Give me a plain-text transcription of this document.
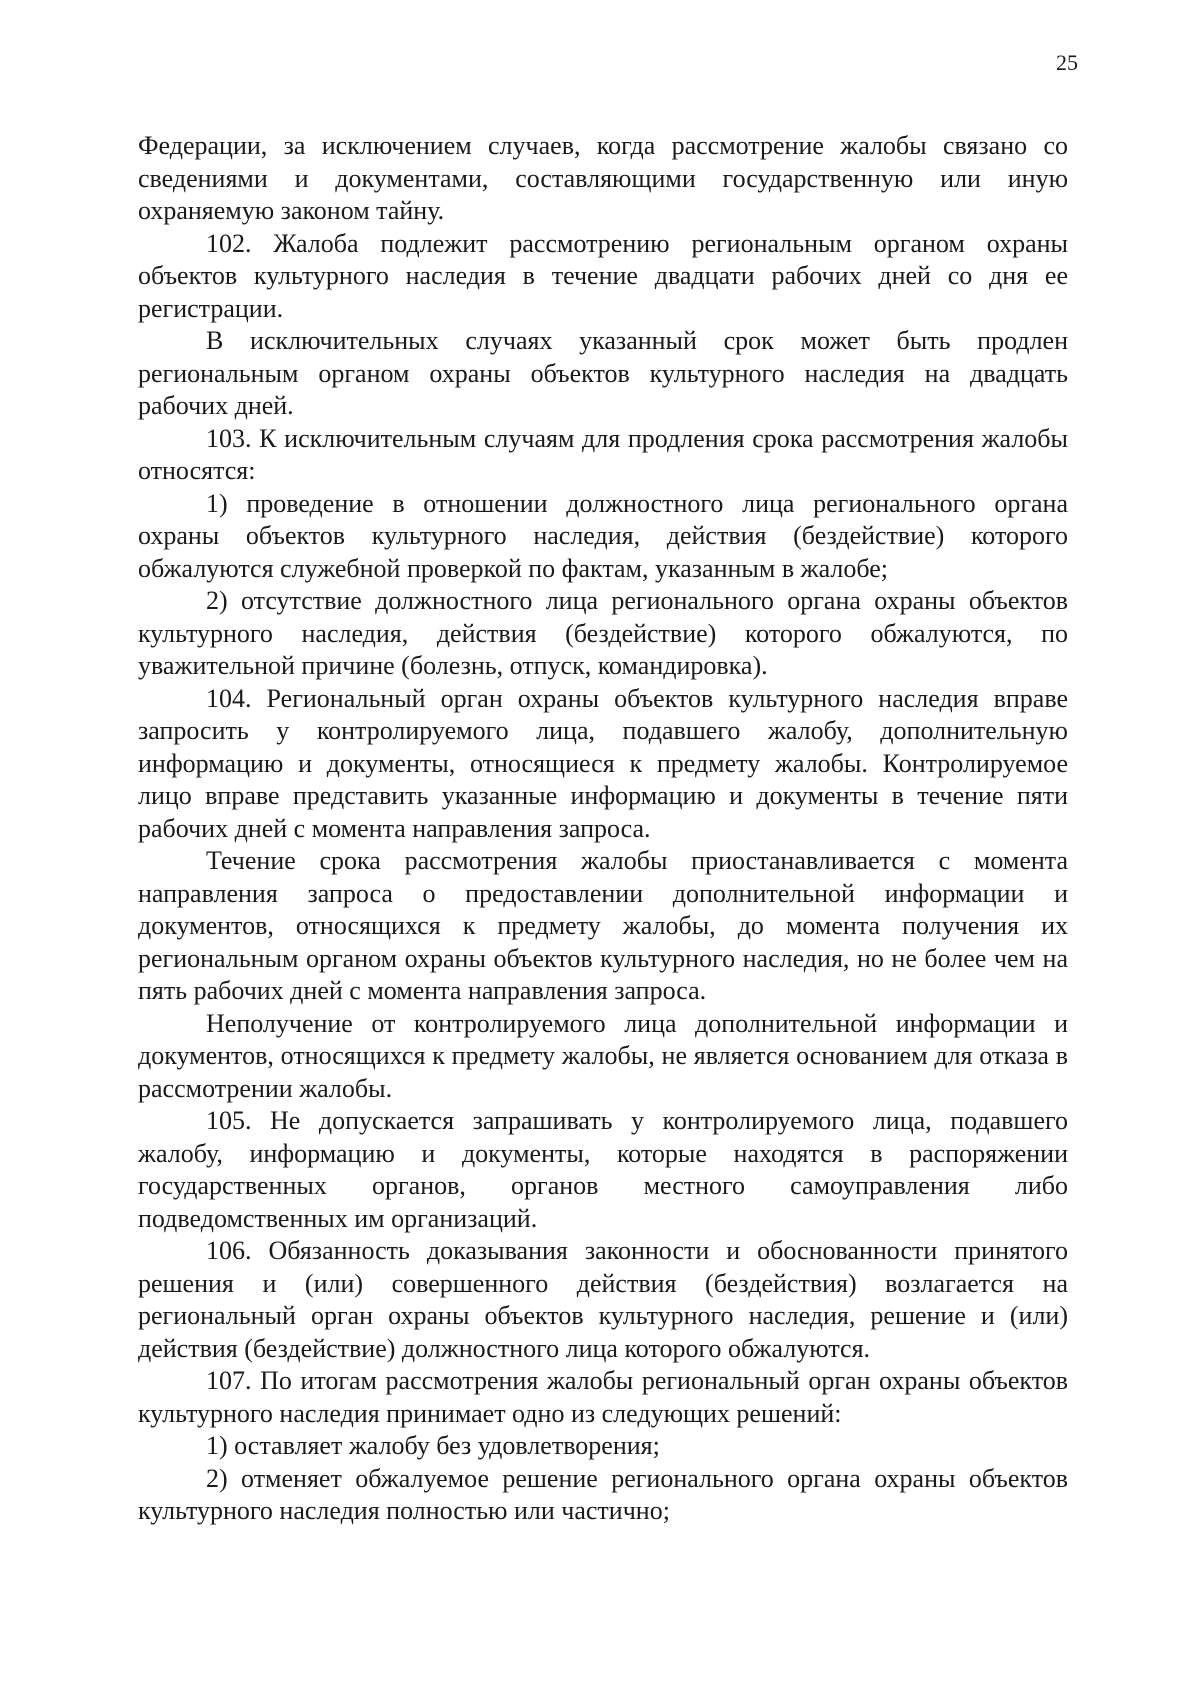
25

Федерации, за исключением случаев, когда рассмотрение жалобы связано со сведениями и документами, составляющими государственную или иную охраняемую законом тайну.

102. Жалоба подлежит рассмотрению региональным органом охраны объектов культурного наследия в течение двадцати рабочих дней со дня ее регистрации.

В исключительных случаях указанный срок может быть продлен региональным органом охраны объектов культурного наследия на двадцать рабочих дней.

103. К исключительным случаям для продления срока рассмотрения жалобы относятся:

1) проведение в отношении должностного лица регионального органа охраны объектов культурного наследия, действия (бездействие) которого обжалуются служебной проверкой по фактам, указанным в жалобе;

2) отсутствие должностного лица регионального органа охраны объектов культурного наследия, действия (бездействие) которого обжалуются, по уважительной причине (болезнь, отпуск, командировка).

104. Региональный орган охраны объектов культурного наследия вправе запросить у контролируемого лица, подавшего жалобу, дополнительную информацию и документы, относящиеся к предмету жалобы. Контролируемое лицо вправе представить указанные информацию и документы в течение пяти рабочих дней с момента направления запроса.

Течение срока рассмотрения жалобы приостанавливается с момента направления запроса о предоставлении дополнительной информации и документов, относящихся к предмету жалобы, до момента получения их региональным органом охраны объектов культурного наследия, но не более чем на пять рабочих дней с момента направления запроса.

Неполучение от контролируемого лица дополнительной информации и документов, относящихся к предмету жалобы, не является основанием для отказа в рассмотрении жалобы.

105. Не допускается запрашивать у контролируемого лица, подавшего жалобу, информацию и документы, которые находятся в распоряжении государственных органов, органов местного самоуправления либо подведомственных им организаций.

106. Обязанность доказывания законности и обоснованности принятого решения и (или) совершенного действия (бездействия) возлагается на региональный орган охраны объектов культурного наследия, решение и (или) действия (бездействие) должностного лица которого обжалуются.

107. По итогам рассмотрения жалобы региональный орган охраны объектов культурного наследия принимает одно из следующих решений:

1) оставляет жалобу без удовлетворения;

2) отменяет обжалуемое решение регионального органа охраны объектов культурного наследия полностью или частично;
